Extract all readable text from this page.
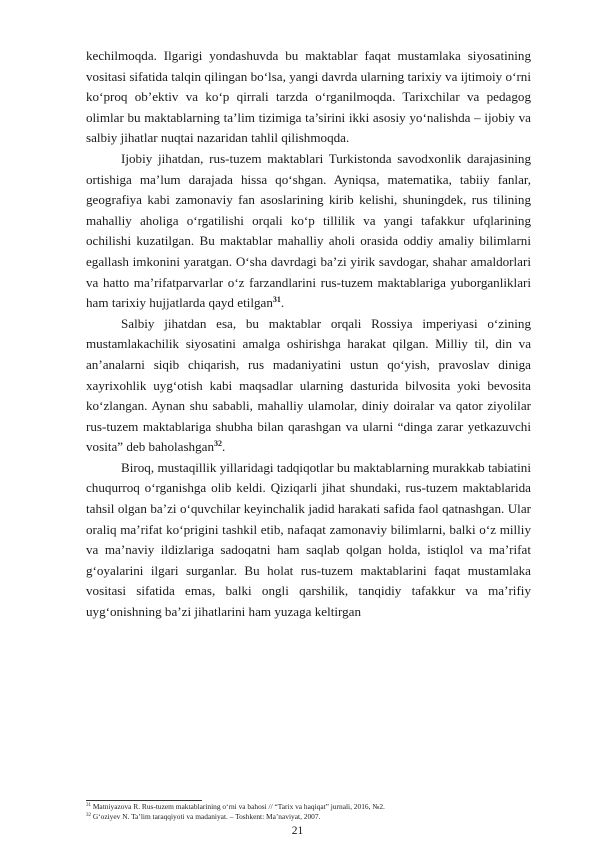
kechilmoqda. Ilgarigi yondashuvda bu maktablar faqat mustamlaka siyosatining vositasi sifatida talqin qilingan bo‘lsa, yangi davrda ularning tarixiy va ijtimoiy o‘rni ko‘proq ob’ektiv va ko‘p qirrali tarzda o‘rganilmoqda. Tarixchilar va pedagog olimlar bu maktablarning ta’lim tizimiga ta’sirini ikki asosiy yo‘nalishda – ijobiy va salbiy jihatlar nuqtai nazaridan tahlil qilishmoqda.

Ijobiy jihatdan, rus-tuzem maktablari Turkistonda savodxonlik darajasining ortishiga ma’lum darajada hissa qo‘shgan. Ayniqsa, matematika, tabiiy fanlar, geografiya kabi zamonaviy fan asoslarining kirib kelishi, shuningdek, rus tilining mahalliy aholiga o‘rgatilishi orqali ko‘p tillilik va yangi tafakkur ufqlarining ochilishi kuzatilgan. Bu maktablar mahalliy aholi orasida oddiy amaliy bilimlarni egallash imkonini yaratgan. O‘sha davrdagi ba’zi yirik savdogar, shahar amaldorlari va hatto ma’rifatparvarlar o‘z farzandlarini rus-tuzem maktablariga yuborganliklari ham tarixiy hujjatlarda qayd etilgan$^{31}$.

Salbiy jihatdan esa, bu maktablar orqali Rossiya imperiyasi o‘zining mustamlakachilik siyosatini amalga oshirishga harakat qilgan. Milliy til, din va an’analarni siqib chiqarish, rus madaniyatini ustun qo‘yish, pravoslav diniga xayrixohlik uyg‘otish kabi maqsadlar ularning dasturida bilvosita yoki bevosita ko‘zlangan. Aynan shu sababli, mahalliy ulamolar, diniy doiralar va qator ziyolilar rus-tuzem maktablariga shubha bilan qarashgan va ularni “dinga zarar yetkazuvchi vosita” deb baholashgan$^{32}$.

Biroq, mustaqillik yillaridagi tadqiqotlar bu maktablarning murakkab tabiatini chuqurroq o‘rganishga olib keldi. Qiziqarli jihat shundaki, rus-tuzem maktablarida tahsil olgan ba’zi o‘quvchilar keyinchalik jadid harakati safida faol qatnashgan. Ular oraliq ma’rifat ko‘prigini tashkil etib, nafaqat zamonaviy bilimlarni, balki o‘z milliy va ma’naviy ildizlariga sadoqatni ham saqlab qolgan holda, istiqlol va ma’rifat g‘oyalarini ilgari surganlar. Bu holat rus-tuzem maktablarini faqat mustamlaka vositasi sifatida emas, balki ongli qarshilik, tanqidiy tafakkur va ma’rifiy uyg‘onishning ba’zi jihatlarini ham yuzaga keltirgan

$^{31}$ Matniyazova R. Rus-tuzem maktablarining o‘rni va bahosi // “Tarix va haqiqat” jurnali, 2016, №2.
$^{32}$ G‘oziyev N. Ta’lim taraqqiyoti va madaniyat. – Toshkent: Ma’naviyat, 2007.
21
